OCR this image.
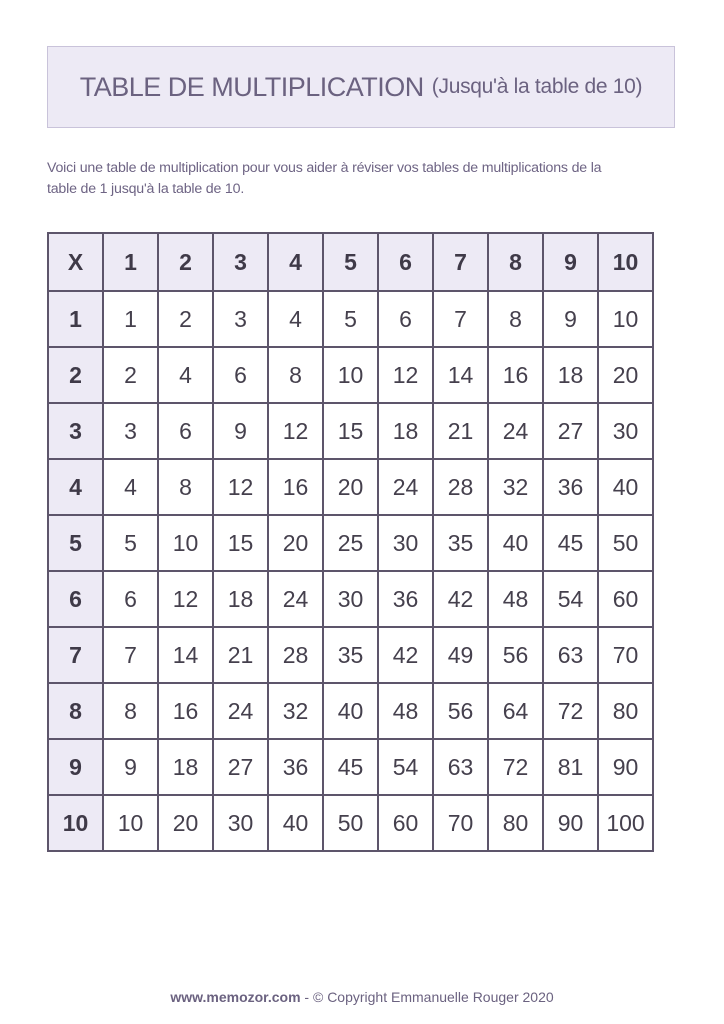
TABLE DE MULTIPLICATION (Jusqu'à la table de 10)
Voici une table de multiplication pour vous aider à réviser vos tables de multiplications de la
table de 1 jusqu'à la table de 10.
X	1	2	3	4	5	6	7	8	9	10
1	1	2	3	4	5	6	7	8	9	10
2	2	4	6	8	10	12	14	16	18	20
3	3	6	9	12	15	18	21	24	27	30
4	4	8	12	16	20	24	28	32	36	40
5	5	10	15	20	25	30	35	40	45	50
6	6	12	18	24	30	36	42	48	54	60
7	7	14	21	28	35	42	49	56	63	70
8	8	16	24	32	40	48	56	64	72	80
9	9	18	27	36	45	54	63	72	81	90
10	10	20	30	40	50	60	70	80	90	100
www.memozor.com - © Copyright Emmanuelle Rouger 2020
